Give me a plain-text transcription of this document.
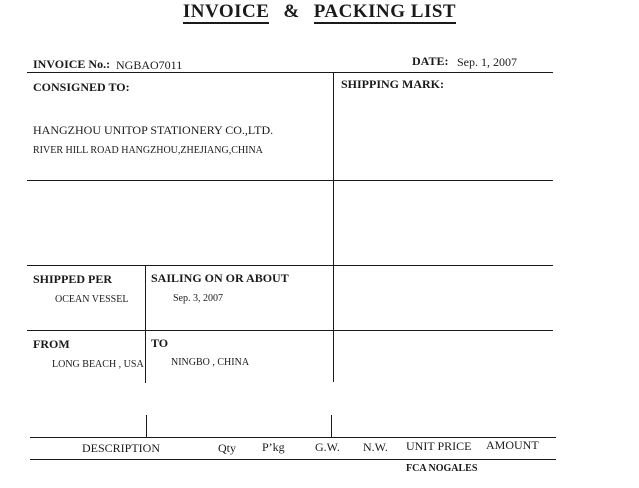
INVOICE & PACKING LIST
INVOICE No.: NGBAO7011	DATE: Sep. 1, 2007
CONSIGNED TO:
HANGZHOU UNITOP STATIONERY CO.,LTD.
RIVER HILL ROAD HANGZHOU,ZHEJIANG,CHINA
SHIPPING MARK:
SHIPPED PER
OCEAN VESSEL
SAILING ON OR ABOUT
Sep. 3, 2007
FROM
LONG BEACH , USA
TO
NINGBO , CHINA
DESCRIPTION	Qty P’kg	G.W. N.W. UNIT PRICE AMOUNT
FCA NOGALES
